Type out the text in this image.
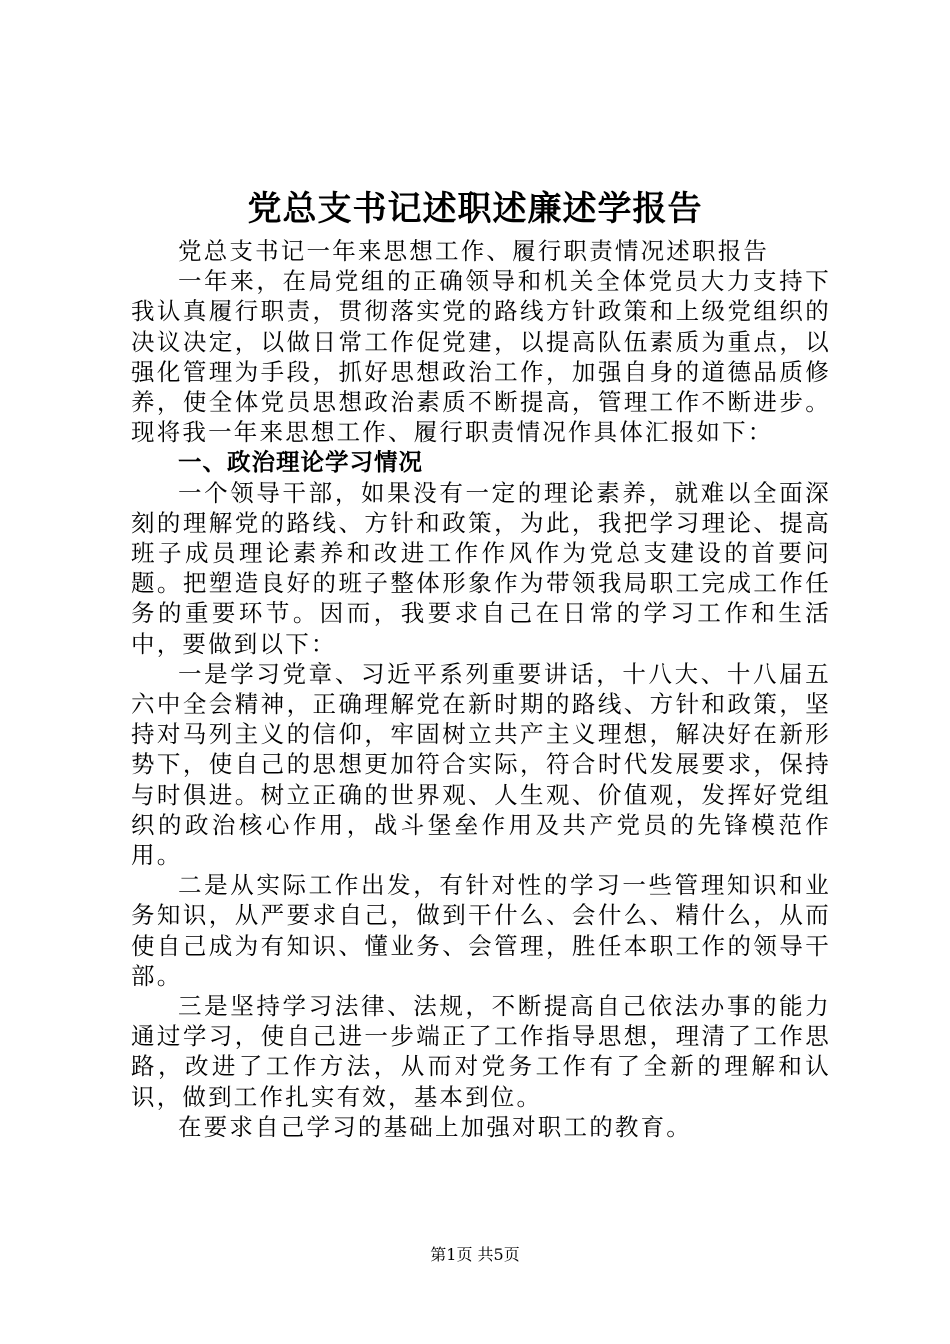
党总支书记述职述廉述学报告

党总支书记一年来思想工作、履行职责情况述职报告

一年来，在局党组的正确领导和机关全体党员大力支持下我认真履行职责，贯彻落实党的路线方针政策和上级党组织的决议决定，以做日常工作促党建，以提高队伍素质为重点，以强化管理为手段，抓好思想政治工作，加强自身的道德品质修养，使全体党员思想政治素质不断提高，管理工作不断进步。现将我一年来思想工作、履行职责情况作具体汇报如下：

一、政治理论学习情况

一个领导干部，如果没有一定的理论素养，就难以全面深刻的理解党的路线、方针和政策，为此，我把学习理论、提高班子成员理论素养和改进工作作风作为党总支建设的首要问题。把塑造良好的班子整体形象作为带领我局职工完成工作任务的重要环节。因而，我要求自己在日常的学习工作和生活中，要做到以下：

一是学习党章、习近平系列重要讲话，十八大、十八届五六中全会精神，正确理解党在新时期的路线、方针和政策，坚持对马列主义的信仰，牢固树立共产主义理想，解决好在新形势下，使自己的思想更加符合实际，符合时代发展要求，保持与时俱进。树立正确的世界观、人生观、价值观，发挥好党组织的政治核心作用，战斗堡垒作用及共产党员的先锋模范作用。

二是从实际工作出发，有针对性的学习一些管理知识和业务知识，从严要求自己，做到干什么、会什么、精什么，从而使自己成为有知识、懂业务、会管理，胜任本职工作的领导干部。

三是坚持学习法律、法规，不断提高自己依法办事的能力通过学习，使自己进一步端正了工作指导思想，理清了工作思路，改进了工作方法，从而对党务工作有了全新的理解和认识，做到工作扎实有效，基本到位。

在要求自己学习的基础上加强对职工的教育。

第1页 共5页
